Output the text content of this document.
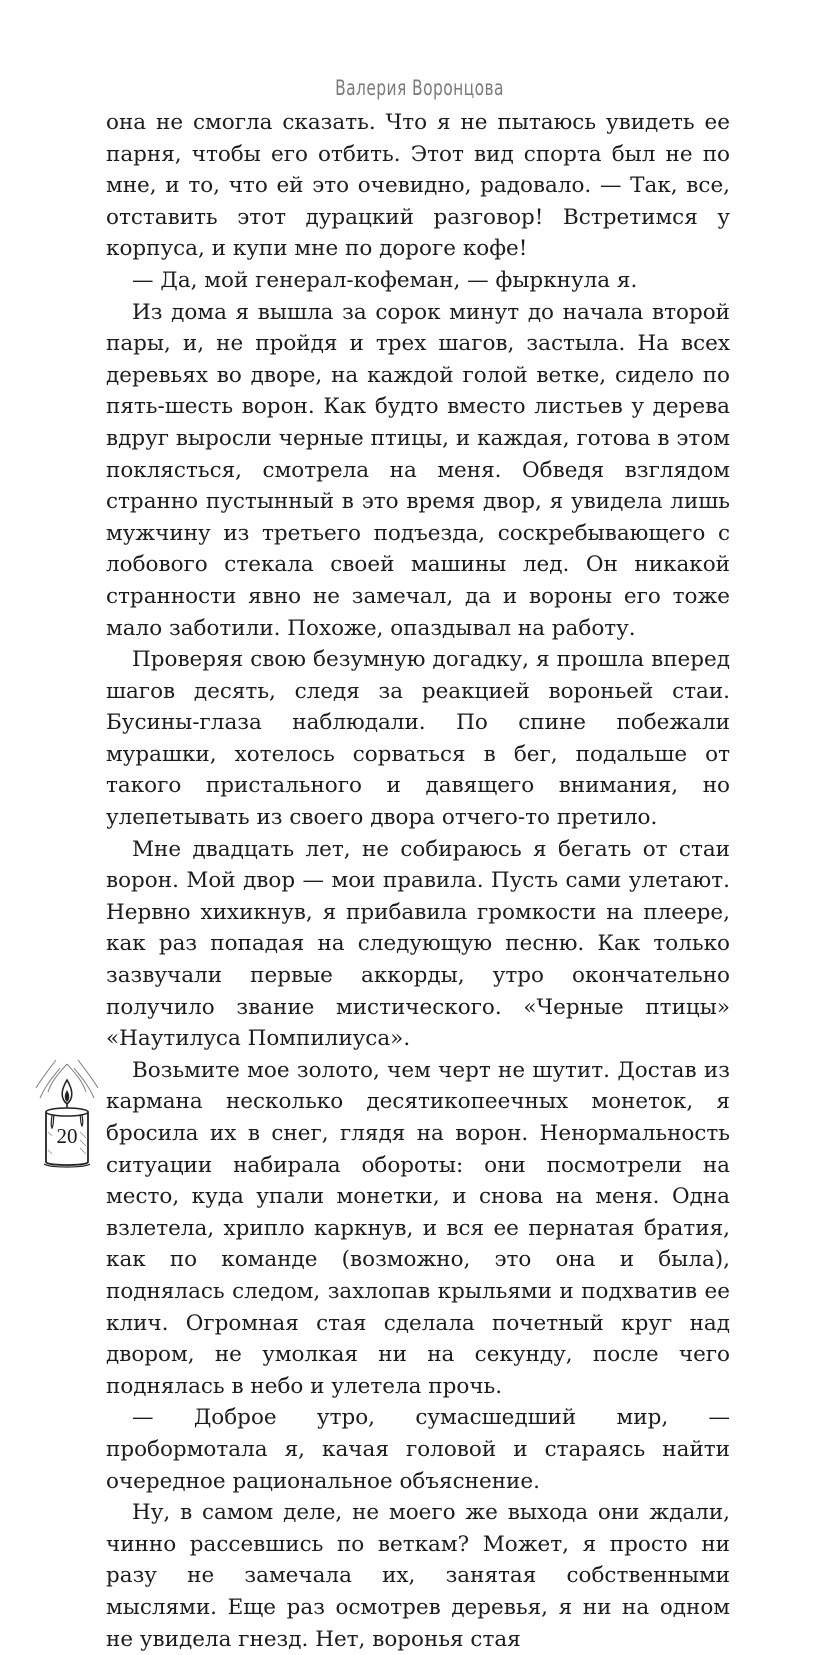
Валерия Воронцова

она не смогла сказать. Что я не пытаюсь увидеть ее парня, чтобы его отбить. Этот вид спорта был не по мне, и то, что ей это очевидно, радовало. — Так, все, отставить этот дурацкий разговор! Встретимся у корпуса, и купи мне по дороге кофе!

— Да, мой генерал-кофеман, — фыркнула я.

Из дома я вышла за сорок минут до начала второй пары, и, не пройдя и трех шагов, застыла. На всех деревьях во дворе, на каждой голой ветке, сидело по пять-шесть ворон. Как будто вместо листьев у дерева вдруг выросли черные птицы, и каждая, готова в этом поклясться, смотрела на меня. Обведя взглядом странно пустынный в это время двор, я увидела лишь мужчину из третьего подъезда, соскребывающего с лобового стекала своей машины лед. Он никакой странности явно не замечал, да и вороны его тоже мало заботили. Похоже, опаздывал на работу.

Проверяя свою безумную догадку, я прошла вперед шагов десять, следя за реакцией вороньей стаи. Бусины-глаза наблюдали. По спине побежали мурашки, хотелось сорваться в бег, подальше от такого пристального и давящего внимания, но улепетывать из своего двора отчего-то претило.

Мне двадцать лет, не собираюсь я бегать от стаи ворон. Мой двор — мои правила. Пусть сами улетают. Нервно хихикнув, я прибавила громкости на плеере, как раз попадая на следующую песню. Как только зазвучали первые аккорды, утро окончательно получило звание мистического. «Черные птицы» «Наутилуса Помпилиуса».

Возьмите мое золото, чем черт не шутит. Достав из кармана несколько десятикопеечных монеток, я бросила их в снег, глядя на ворон. Ненормальность ситуации набирала обороты: они посмотрели на место, куда упали монетки, и снова на меня. Одна взлетела, хрипло каркнув, и вся ее пернатая братия, как по команде (возможно, это она и была), поднялась следом, захлопав крыльями и подхватив ее клич. Огромная стая сделала почетный круг над двором, не умолкая ни на секунду, после чего поднялась в небо и улетела прочь.

— Доброе утро, сумасшедший мир, — пробормотала я, качая головой и стараясь найти очередное рациональное объяснение.

Ну, в самом деле, не моего же выхода они ждали, чинно рассевшись по веткам? Может, я просто ни разу не замечала их, занятая собственными мыслями. Еще раз осмотрев деревья, я ни на одном не увидела гнезд. Нет, воронья стая

20
